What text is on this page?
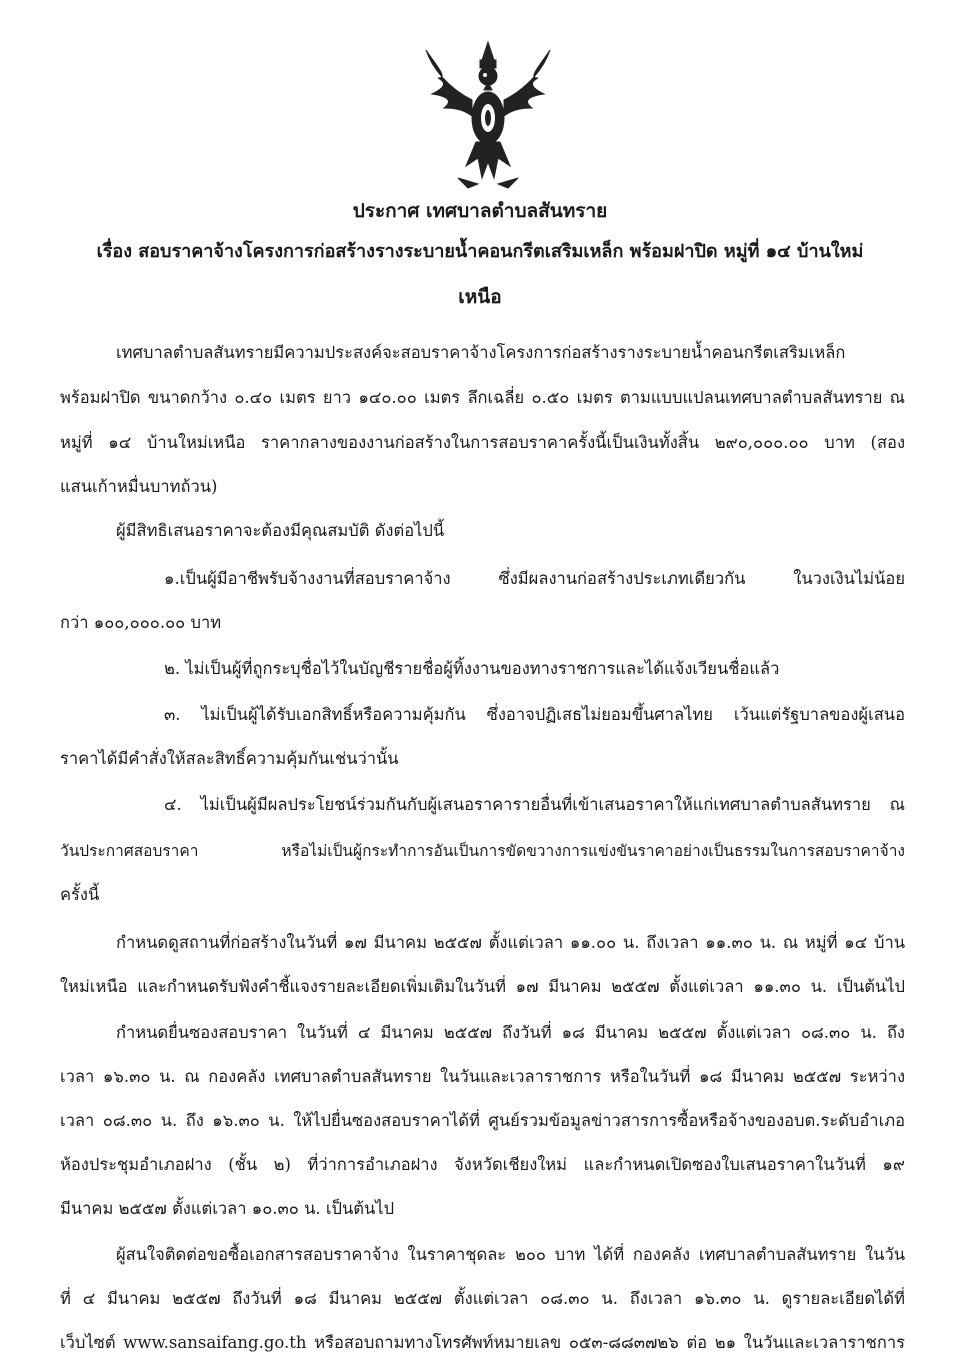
ประกาศ เทศบาลตำบลสันทราย
เรื่อง สอบราคาจ้างโครงการก่อสร้างรางระบายน้ำคอนกรีตเสริมเหล็ก พร้อมฝาปิด หมู่ที่ ๑๔ บ้านใหม่
เหนือ
เทศบาลตำบลสันทรายมีความประสงค์จะสอบราคาจ้างโครงการก่อสร้างรางระบายน้ำคอนกรีตเสริมเหล็ก
พร้อมฝาปิด ขนาดกว้าง ๐.๔๐ เมตร ยาว ๑๔๐.๐๐ เมตร ลึกเฉลี่ย ๐.๕๐ เมตร ตามแบบแปลนเทศบาลตำบลสันทราย ณ
หมู่ที่ ๑๔ บ้านใหม่เหนือ ราคากลางของงานก่อสร้างในการสอบราคาครั้งนี้เป็นเงินทั้งสิ้น ๒๙๐,๐๐๐.๐๐ บาท (สอง
แสนเก้าหมื่นบาทถ้วน)
ผู้มีสิทธิเสนอราคาจะต้องมีคุณสมบัติ ดังต่อไปนี้
๑.เป็นผู้มีอาชีพรับจ้างงานที่สอบราคาจ้าง ซึ่งมีผลงานก่อสร้างประเภทเดียวกัน ในวงเงินไม่น้อย
กว่า ๑๐๐,๐๐๐.๐๐ บาท
๒. ไม่เป็นผู้ที่ถูกระบุชื่อไว้ในบัญชีรายชื่อผู้ทิ้งงานของทางราชการและได้แจ้งเวียนชื่อแล้ว
๓. ไม่เป็นผู้ได้รับเอกสิทธิ์หรือความคุ้มกัน ซึ่งอาจปฏิเสธไม่ยอมขึ้นศาลไทย เว้นแต่รัฐบาลของผู้เสนอ
ราคาได้มีคำสั่งให้สละสิทธิ์ความคุ้มกันเช่นว่านั้น
๔. ไม่เป็นผู้มีผลประโยชน์ร่วมกันกับผู้เสนอราคารายอื่นที่เข้าเสนอราคาให้แก่เทศบาลตำบลสันทราย ณ
วันประกาศสอบราคา หรือไม่เป็นผู้กระทำการอันเป็นการขัดขวางการแข่งขันราคาอย่างเป็นธรรมในการสอบราคาจ้าง
ครั้งนี้
กำหนดดูสถานที่ก่อสร้างในวันที่ ๑๗ มีนาคม ๒๕๕๗ ตั้งแต่เวลา ๑๑.๐๐ น. ถึงเวลา ๑๑.๓๐ น. ณ หมู่ที่ ๑๔ บ้าน
ใหม่เหนือ และกำหนดรับฟังคำชี้แจงรายละเอียดเพิ่มเติมในวันที่ ๑๗ มีนาคม ๒๕๕๗ ตั้งแต่เวลา ๑๑.๓๐ น. เป็นต้นไป
กำหนดยื่นซองสอบราคา ในวันที่ ๔ มีนาคม ๒๕๕๗ ถึงวันที่ ๑๘ มีนาคม ๒๕๕๗ ตั้งแต่เวลา ๐๘.๓๐ น. ถึง
เวลา ๑๖.๓๐ น. ณ กองคลัง เทศบาลตำบลสันทราย ในวันและเวลาราชการ หรือในวันที่ ๑๘ มีนาคม ๒๕๕๗ ระหว่าง
เวลา ๐๘.๓๐ น. ถึง ๑๖.๓๐ น. ให้ไปยื่นซองสอบราคาได้ที่ ศูนย์รวมข้อมูลข่าวสารการซื้อหรือจ้างของอบต.ระดับอำเภอ
ห้องประชุมอำเภอฝาง (ชั้น ๒) ที่ว่าการอำเภอฝาง จังหวัดเชียงใหม่ และกำหนดเปิดซองใบเสนอราคาในวันที่ ๑๙
มีนาคม ๒๕๕๗ ตั้งแต่เวลา ๑๐.๓๐ น. เป็นต้นไป
ผู้สนใจติดต่อขอซื้อเอกสารสอบราคาจ้าง ในราคาชุดละ ๒๐๐ บาท ได้ที่ กองคลัง เทศบาลตำบลสันทราย ในวัน
ที่ ๔ มีนาคม ๒๕๕๗ ถึงวันที่ ๑๘ มีนาคม ๒๕๕๗ ตั้งแต่เวลา ๐๘.๓๐ น. ถึงเวลา ๑๖.๓๐ น. ดูรายละเอียดได้ที่
เว็บไซต์ www.sansaifang.go.th หรือสอบถามทางโทรศัพท์หมายเลข ๐๕๓-๘๘๓๗๒๖ ต่อ ๒๑ ในวันและเวลาราชการ
